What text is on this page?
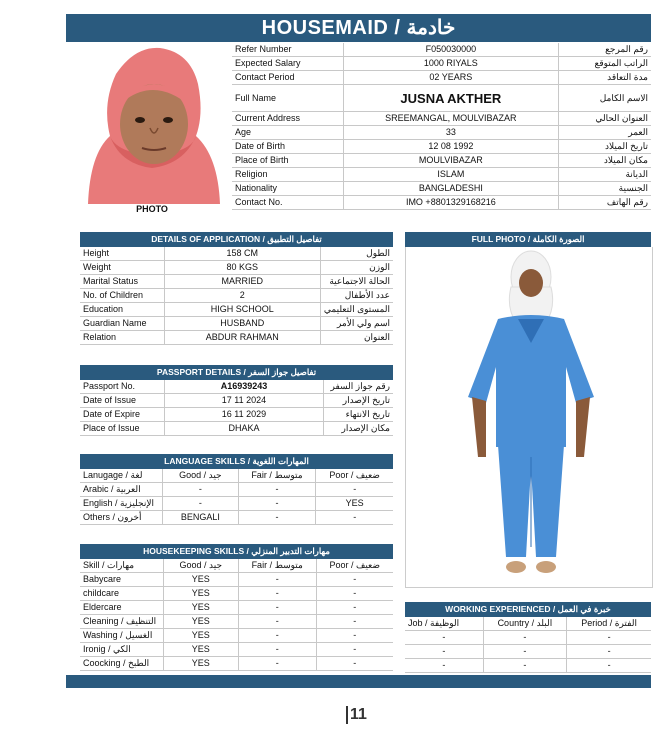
HOUSEMAID / خادمة
PHOTO
Refer Number	F050030000	رقم المرجع
Expected Salary	1000 RIYALS	الراتب المتوقع
Contact Period	02 YEARS	مدة التعاقد
Full Name	JUSNA AKTHER	الاسم الكامل
Current Address	SREEMANGAL, MOULVIBAZAR	العنوان الحالي
Age	33	العمر
Date of Birth	12 08 1992	تاريخ الميلاد
Place of Birth	MOULVIBAZAR	مكان الميلاد
Religion	ISLAM	الديانة
Nationality	BANGLADESHI	الجنسية
Contact No.	IMO +8801329168216	رقم الهاتف
DETAILS OF APPLICATION / تفاصيل التطبيق		
Height	158 CM	الطول
Weight	80 KGS	الوزن
Marital Status	MARRIED	الحالة الاجتماعية
No. of Children	2	عدد الأطفال
Education	HIGH SCHOOL	المستوى التعليمي
Guardian Name	HUSBAND	اسم ولي الأمر
Relation	ABDUR RAHMAN	العنوان
PASSPORT DETAILS / تفاصيل جواز السفر		
Passport No.	A16939243	رقم جواز السفر
Date of Issue	17 11 2024	تاريخ الإصدار
Date of Expire	16 11 2029	تاريخ الانتهاء
Place of Issue	DHAKA	مكان الإصدار
LANGUAGE SKILLS / المهارات اللغوية			
Lanugage / لغة	Good / جيد	Fair / متوسط	Poor / ضعيف
Arabic / العربية	-	-	-
English / الإنجليزية	-	-	YES
Others / أخرون	BENGALI	-	-
HOUSEKEEPING SKILLS / مهارات التدبير المنزلي			
Skill / مهارات	Good / جيد	Fair / متوسط	Poor / ضعيف
Babycare	YES	-	-
childcare	YES	-	-
Eldercare	YES	-	-
Cleaning / التنظيف	YES	-	-
Washing / الغسيل	YES	-	-
Ironig / الكي	YES	-	-
Coocking / الطبخ	YES	-	-
FULL PHOTO / الصورة الكاملة
WORKING EXPERIENCED / خبرة في العمل		
Job / الوظيفة	Country / البلد	Period / الفترة
-	-	-
-	-	-
-	-	-
11
